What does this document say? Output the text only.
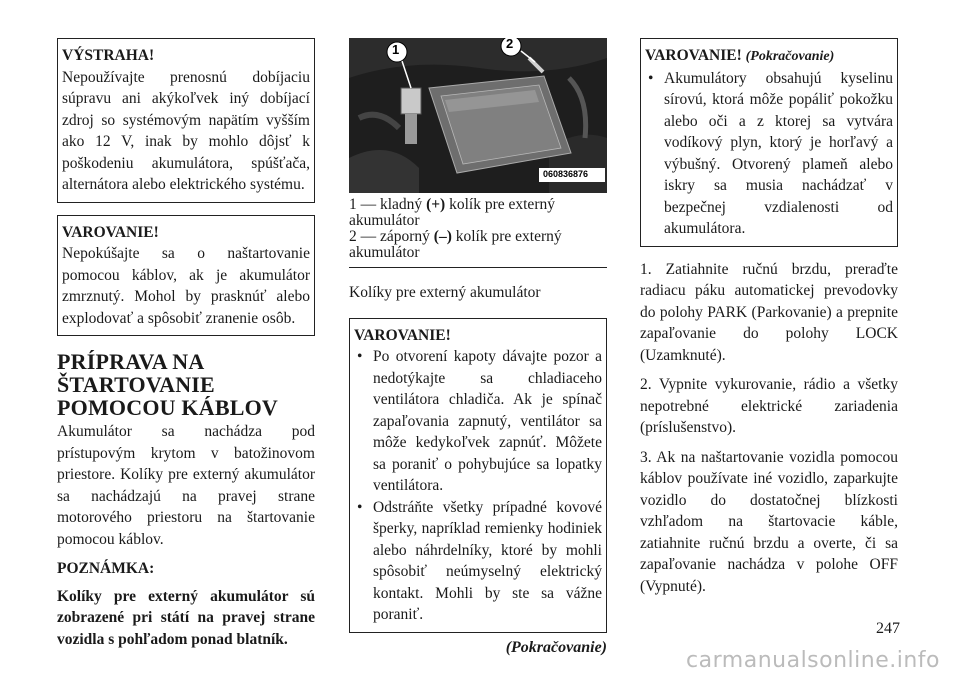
VÝSTRAHA!
Nepoužívajte prenosnú dobíjaciu súpravu ani akýkoľvek iný dobíjací zdroj so systémovým napätím vyšším ako 12 V, inak by mohlo dôjsť k poškodeniu akumulátora, spúšťača, alternátora alebo elektrického systému.
VAROVANIE!
Nepokúšajte sa o naštartovanie pomocou káblov, ak je akumulátor zmrznutý. Mohol by prasknúť alebo explodovať a spôsobiť zranenie osôb.
PRÍPRAVA NA
ŠTARTOVANIE
POMOCOU KÁBLOV

Akumulátor sa nachádza pod prístupovým krytom v batožinovom priestore. Kolíky pre externý akumulátor sa nachádzajú na pravej strane motorového priestoru na štartovanie pomocou káblov.

POZNÁMKA:

Kolíky pre externý akumulátor sú zobrazené pri státí na pravej strane vozidla s pohľadom ponad blatník.

1	2
060836876
1 — kladný (+) kolík pre externý
akumulátor
2 — záporný (–) kolík pre externý
akumulátor
Kolíky pre externý akumulátor
VAROVANIE!
• Po otvorení kapoty dávajte pozor a nedotýkajte sa chladiaceho ventilátora chladiča. Ak je spínač zapaľovania zapnutý, ventilátor sa môže kedykoľvek zapnúť. Môžete sa poraniť o pohybujúce sa lopatky ventilátora.
• Odstráňte všetky prípadné kovové šperky, napríklad remienky hodiniek alebo náhrdelníky, ktoré by mohli spôsobiť neúmyselný elektrický kontakt. Mohli by ste sa vážne poraniť.
(Pokračovanie)
VAROVANIE! (Pokračovanie)
• Akumulátory obsahujú kyselinu sírovú, ktorá môže popáliť pokožku alebo oči a z ktorej sa vytvára vodíkový plyn, ktorý je horľavý a výbušný. Otvorený plameň alebo iskry sa musia nachádzať v bezpečnej vzdialenosti od akumulátora.

1. Zatiahnite ručnú brzdu, preraďte radiacu páku automatickej prevodovky do polohy PARK (Parkovanie) a prepnite zapaľovanie do polohy LOCK (Uzamknuté).

2. Vypnite vykurovanie, rádio a všetky nepotrebné elektrické zariadenia (príslušenstvo).

3. Ak na naštartovanie vozidla pomocou káblov používate iné vozidlo, zaparkujte vozidlo do dostatočnej blízkosti vzhľadom na štartovacie káble, zatiahnite ručnú brzdu a overte, či sa zapaľovanie nachádza v polohe OFF (Vypnuté).

247
carmanualsonline.info
